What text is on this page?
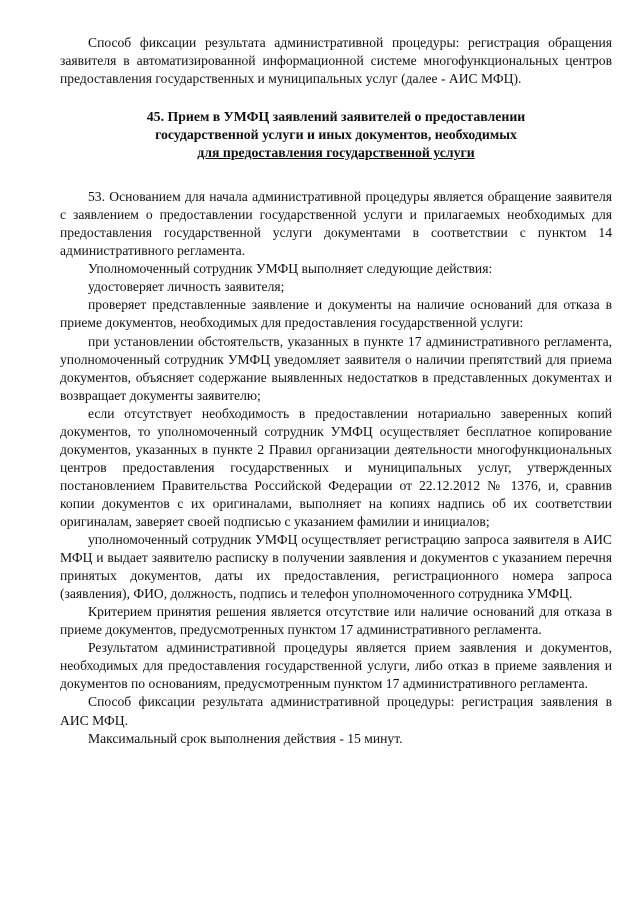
Способ фиксации результата административной процедуры: регистрация обращения заявителя в автоматизированной информационной системе многофункциональных центров предоставления государственных и муниципальных услуг (далее - АИС МФЦ).

45. Прием в УМФЦ заявлений заявителей о предоставлении
государственной услуги и иных документов, необходимых
для предоставления государственной услуги

53. Основанием для начала административной процедуры является обращение заявителя с заявлением о предоставлении государственной услуги и прилагаемых необходимых для предоставления государственной услуги документами в соответствии с пунктом 14 административного регламента.

Уполномоченный сотрудник УМФЦ выполняет следующие действия:

удостоверяет личность заявителя;

проверяет представленные заявление и документы на наличие оснований для отказа в приеме документов, необходимых для предоставления государственной услуги:

при установлении обстоятельств, указанных в пункте 17 административного регламента, уполномоченный сотрудник УМФЦ уведомляет заявителя о наличии препятствий для приема документов, объясняет содержание выявленных недостатков в представленных документах и возвращает документы заявителю;

если отсутствует необходимость в предоставлении нотариально заверенных копий документов, то уполномоченный сотрудник УМФЦ осуществляет бесплатное копирование документов, указанных в пункте 2 Правил организации деятельности многофункциональных центров предоставления государственных и муниципальных услуг, утвержденных постановлением Правительства Российской Федерации от 22.12.2012 № 1376, и, сравнив копии документов с их оригиналами, выполняет на копиях надпись об их соответствии оригиналам, заверяет своей подписью с указанием фамилии и инициалов;

уполномоченный сотрудник УМФЦ осуществляет регистрацию запроса заявителя в АИС МФЦ и выдает заявителю расписку в получении заявления и документов с указанием перечня принятых документов, даты их предоставления, регистрационного номера запроса (заявления), ФИО, должность, подпись и телефон уполномоченного сотрудника УМФЦ.

Критерием принятия решения является отсутствие или наличие оснований для отказа в приеме документов, предусмотренных пунктом 17 административного регламента.

Результатом административной процедуры является прием заявления и документов, необходимых для предоставления государственной услуги, либо отказ в приеме заявления и документов по основаниям, предусмотренным пунктом 17 административного регламента.

Способ фиксации результата административной процедуры: регистрация заявления в АИС МФЦ.

Максимальный срок выполнения действия - 15 минут.
